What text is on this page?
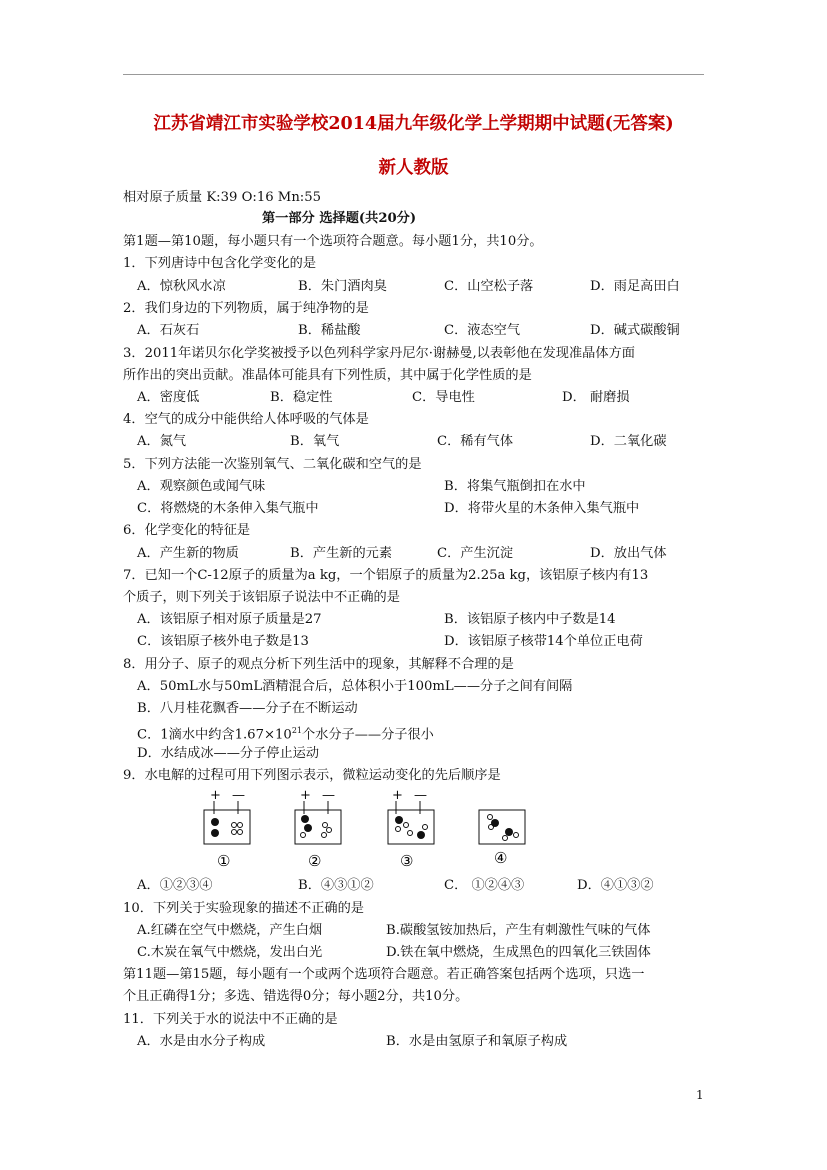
江苏省靖江市实验学校2014届九年级化学上学期期中试题(无答案)
新人教版
相对原子质量 K:39 O:16 Mn:55
第一部分 选择题(共20分)
第1题—第10题，每小题只有一个选项符合题意。每小题1分，共10分。
1．下列唐诗中包含化学变化的是
A．惊秋风水凉	B．朱门酒肉臭	C．山空松子落	D．雨足高田白
2．我们身边的下列物质，属于纯净物的是
A．石灰石	B．稀盐酸	C．液态空气	D．碱式碳酸铜
3．2011年诺贝尔化学奖被授予以色列科学家丹尼尔·谢赫曼,以表彰他在发现准晶体方面
所作出的突出贡献。准晶体可能具有下列性质，其中属于化学性质的是
A．密度低	B．稳定性	C．导电性	D． 耐磨损
4．空气的成分中能供给人体呼吸的气体是
A．氮气	B．氧气	C．稀有气体	D．二氧化碳
5．下列方法能一次鉴别氧气、二氧化碳和空气的是
A．观察颜色或闻气味	B．将集气瓶倒扣在水中
C．将燃烧的木条伸入集气瓶中	D．将带火星的木条伸入集气瓶中
6．化学变化的特征是
A．产生新的物质	B．产生新的元素	C．产生沉淀	D．放出气体
7．已知一个C-12原子的质量为a kg，一个铝原子的质量为2.25a kg，该铝原子核内有13
个质子，则下列关于该铝原子说法中不正确的是
A．该铝原子相对原子质量是27	B．该铝原子核内中子数是14
C．该铝原子核外电子数是13	D．该铝原子核带14个单位正电荷
8．用分子、原子的观点分析下列生活中的现象，其解释不合理的是
A．50mL水与50mL酒精混合后，总体积小于100mL——分子之间有间隔
B．八月桂花飘香——分子在不断运动
C．1滴水中约含$1.67\times 10^{21}$个水分子——分子很小
D．水结成冰——分子停止运动
9．水电解的过程可用下列图示表示，微粒运动变化的先后顺序是
+ —
①
+ —
②
+ —
③	④
A．①②③④	B．④③①②	C． ①②④③	D．④①③②
10．下列关于实验现象的描述不正确的是
A.红磷在空气中燃烧，产生白烟	B.碳酸氢铵加热后，产生有刺激性气味的气体
C.木炭在氧气中燃烧，发出白光	D.铁在氧中燃烧，生成黑色的四氧化三铁固体
第11题—第15题，每小题有一个或两个选项符合题意。若正确答案包括两个选项，只选一
个且正确得1分；多选、错选得0分；每小题2分，共10分。
11．下列关于水的说法中不正确的是
A．水是由水分子构成	B．水是由氢原子和氧原子构成
1
